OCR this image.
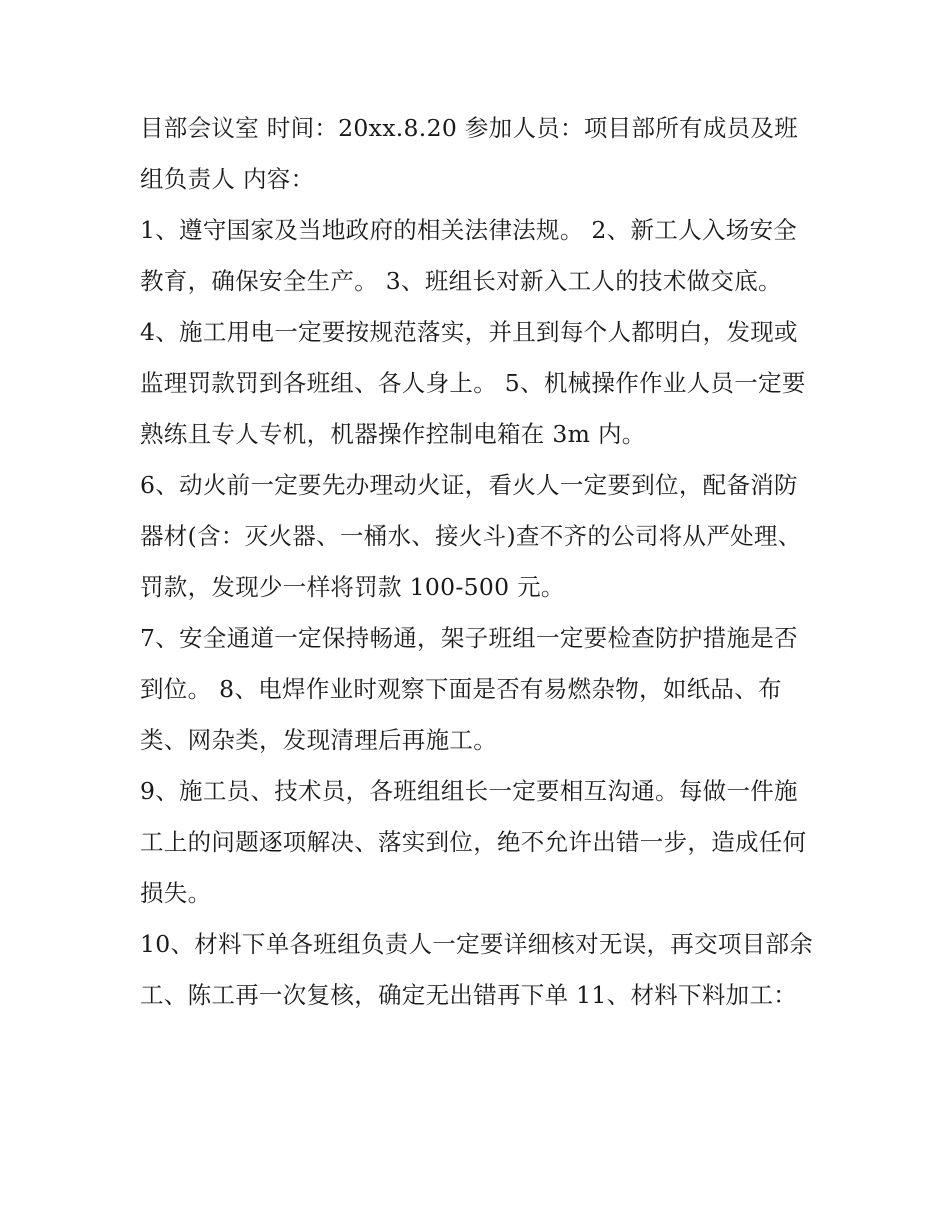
目部会议室 时间：20xx.8.20 参加人员：项目部所有成员及班组负责人 内容：

1、遵守国家及当地政府的相关法律法规。 2、新工人入场安全教育，确保安全生产。 3、班组长对新入工人的技术做交底。

4、施工用电一定要按规范落实，并且到每个人都明白，发现或监理罚款罚到各班组、各人身上。 5、机械操作作业人员一定要熟练且专人专机，机器操作控制电箱在 3m 内。

6、动火前一定要先办理动火证，看火人一定要到位，配备消防器材(含：灭火器、一桶水、接火斗)查不齐的公司将从严处理、罚款，发现少一样将罚款 100-500 元。

7、安全通道一定保持畅通，架子班组一定要检查防护措施是否到位。 8、电焊作业时观察下面是否有易燃杂物，如纸品、布类、网杂类，发现清理后再施工。

9、施工员、技术员，各班组组长一定要相互沟通。每做一件施工上的问题逐项解决、落实到位，绝不允许出错一步，造成任何损失。

10、材料下单各班组负责人一定要详细核对无误，再交项目部余工、陈工再一次复核，确定无出错再下单 11、材料下料加工：
